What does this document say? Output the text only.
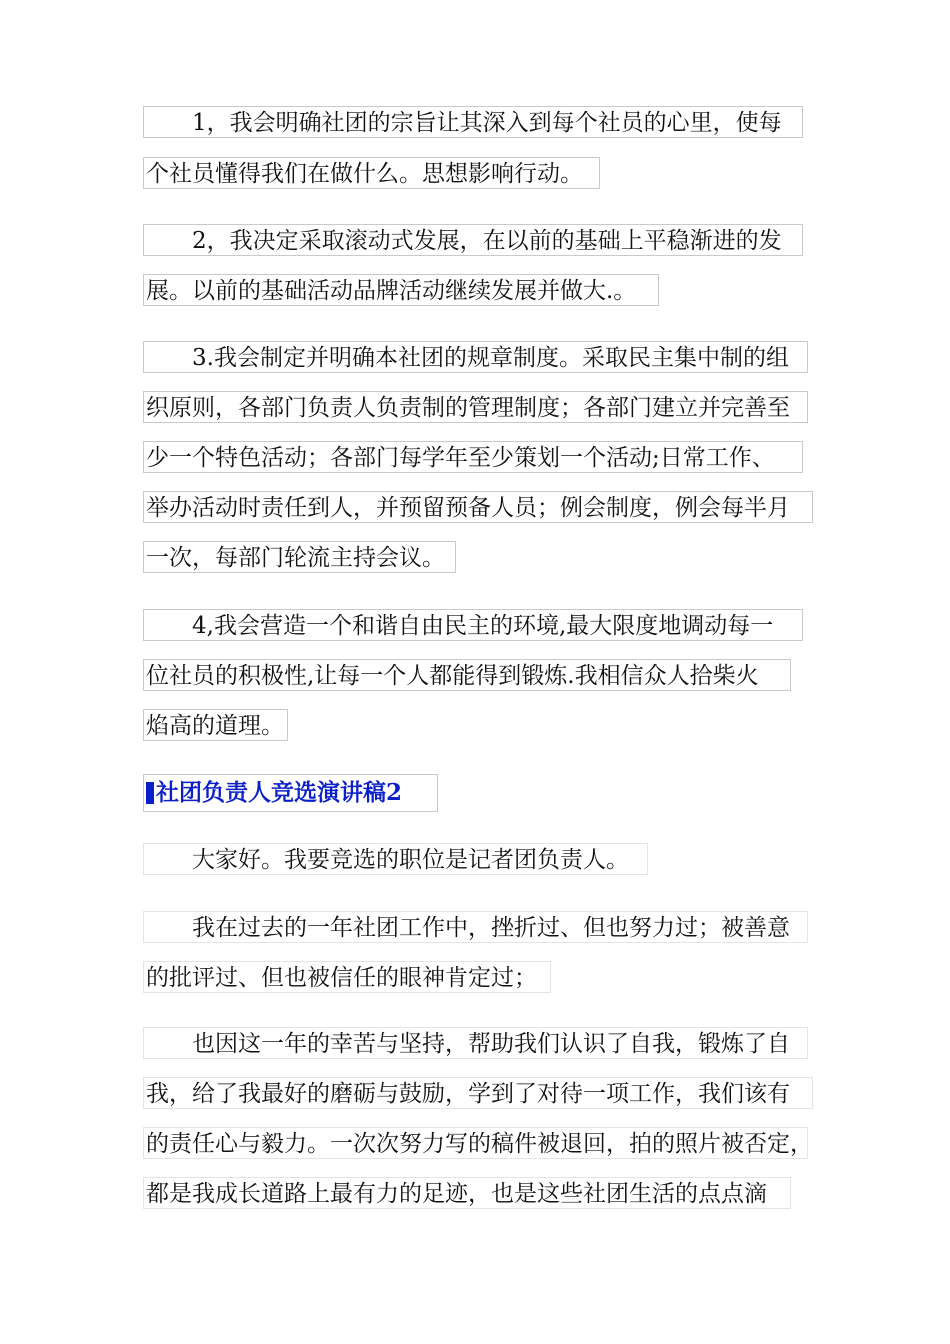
1，我会明确社团的宗旨让其深入到每个社员的心里，使每
个社员懂得我们在做什么。思想影响行动。
2，我决定采取滚动式发展，在以前的基础上平稳渐进的发
展。以前的基础活动品牌活动继续发展并做大.。
3.我会制定并明确本社团的规章制度。采取民主集中制的组
织原则，各部门负责人负责制的管理制度；各部门建立并完善至
少一个特色活动；各部门每学年至少策划一个活动;日常工作、
举办活动时责任到人，并预留预备人员；例会制度，例会每半月
一次，每部门轮流主持会议。
4,我会营造一个和谐自由民主的环境,最大限度地调动每一
位社员的积极性,让每一个人都能得到锻炼.我相信众人拾柴火
焰高的道理。
社团负责人竞选演讲稿2
大家好。我要竞选的职位是记者团负责人。
我在过去的一年社团工作中，挫折过、但也努力过；被善意
的批评过、但也被信任的眼神肯定过；
也因这一年的幸苦与坚持，帮助我们认识了自我，锻炼了自
我，给了我最好的磨砺与鼓励，学到了对待一项工作，我们该有
的责任心与毅力。一次次努力写的稿件被退回，拍的照片被否定，
都是我成长道路上最有力的足迹，也是这些社团生活的点点滴
